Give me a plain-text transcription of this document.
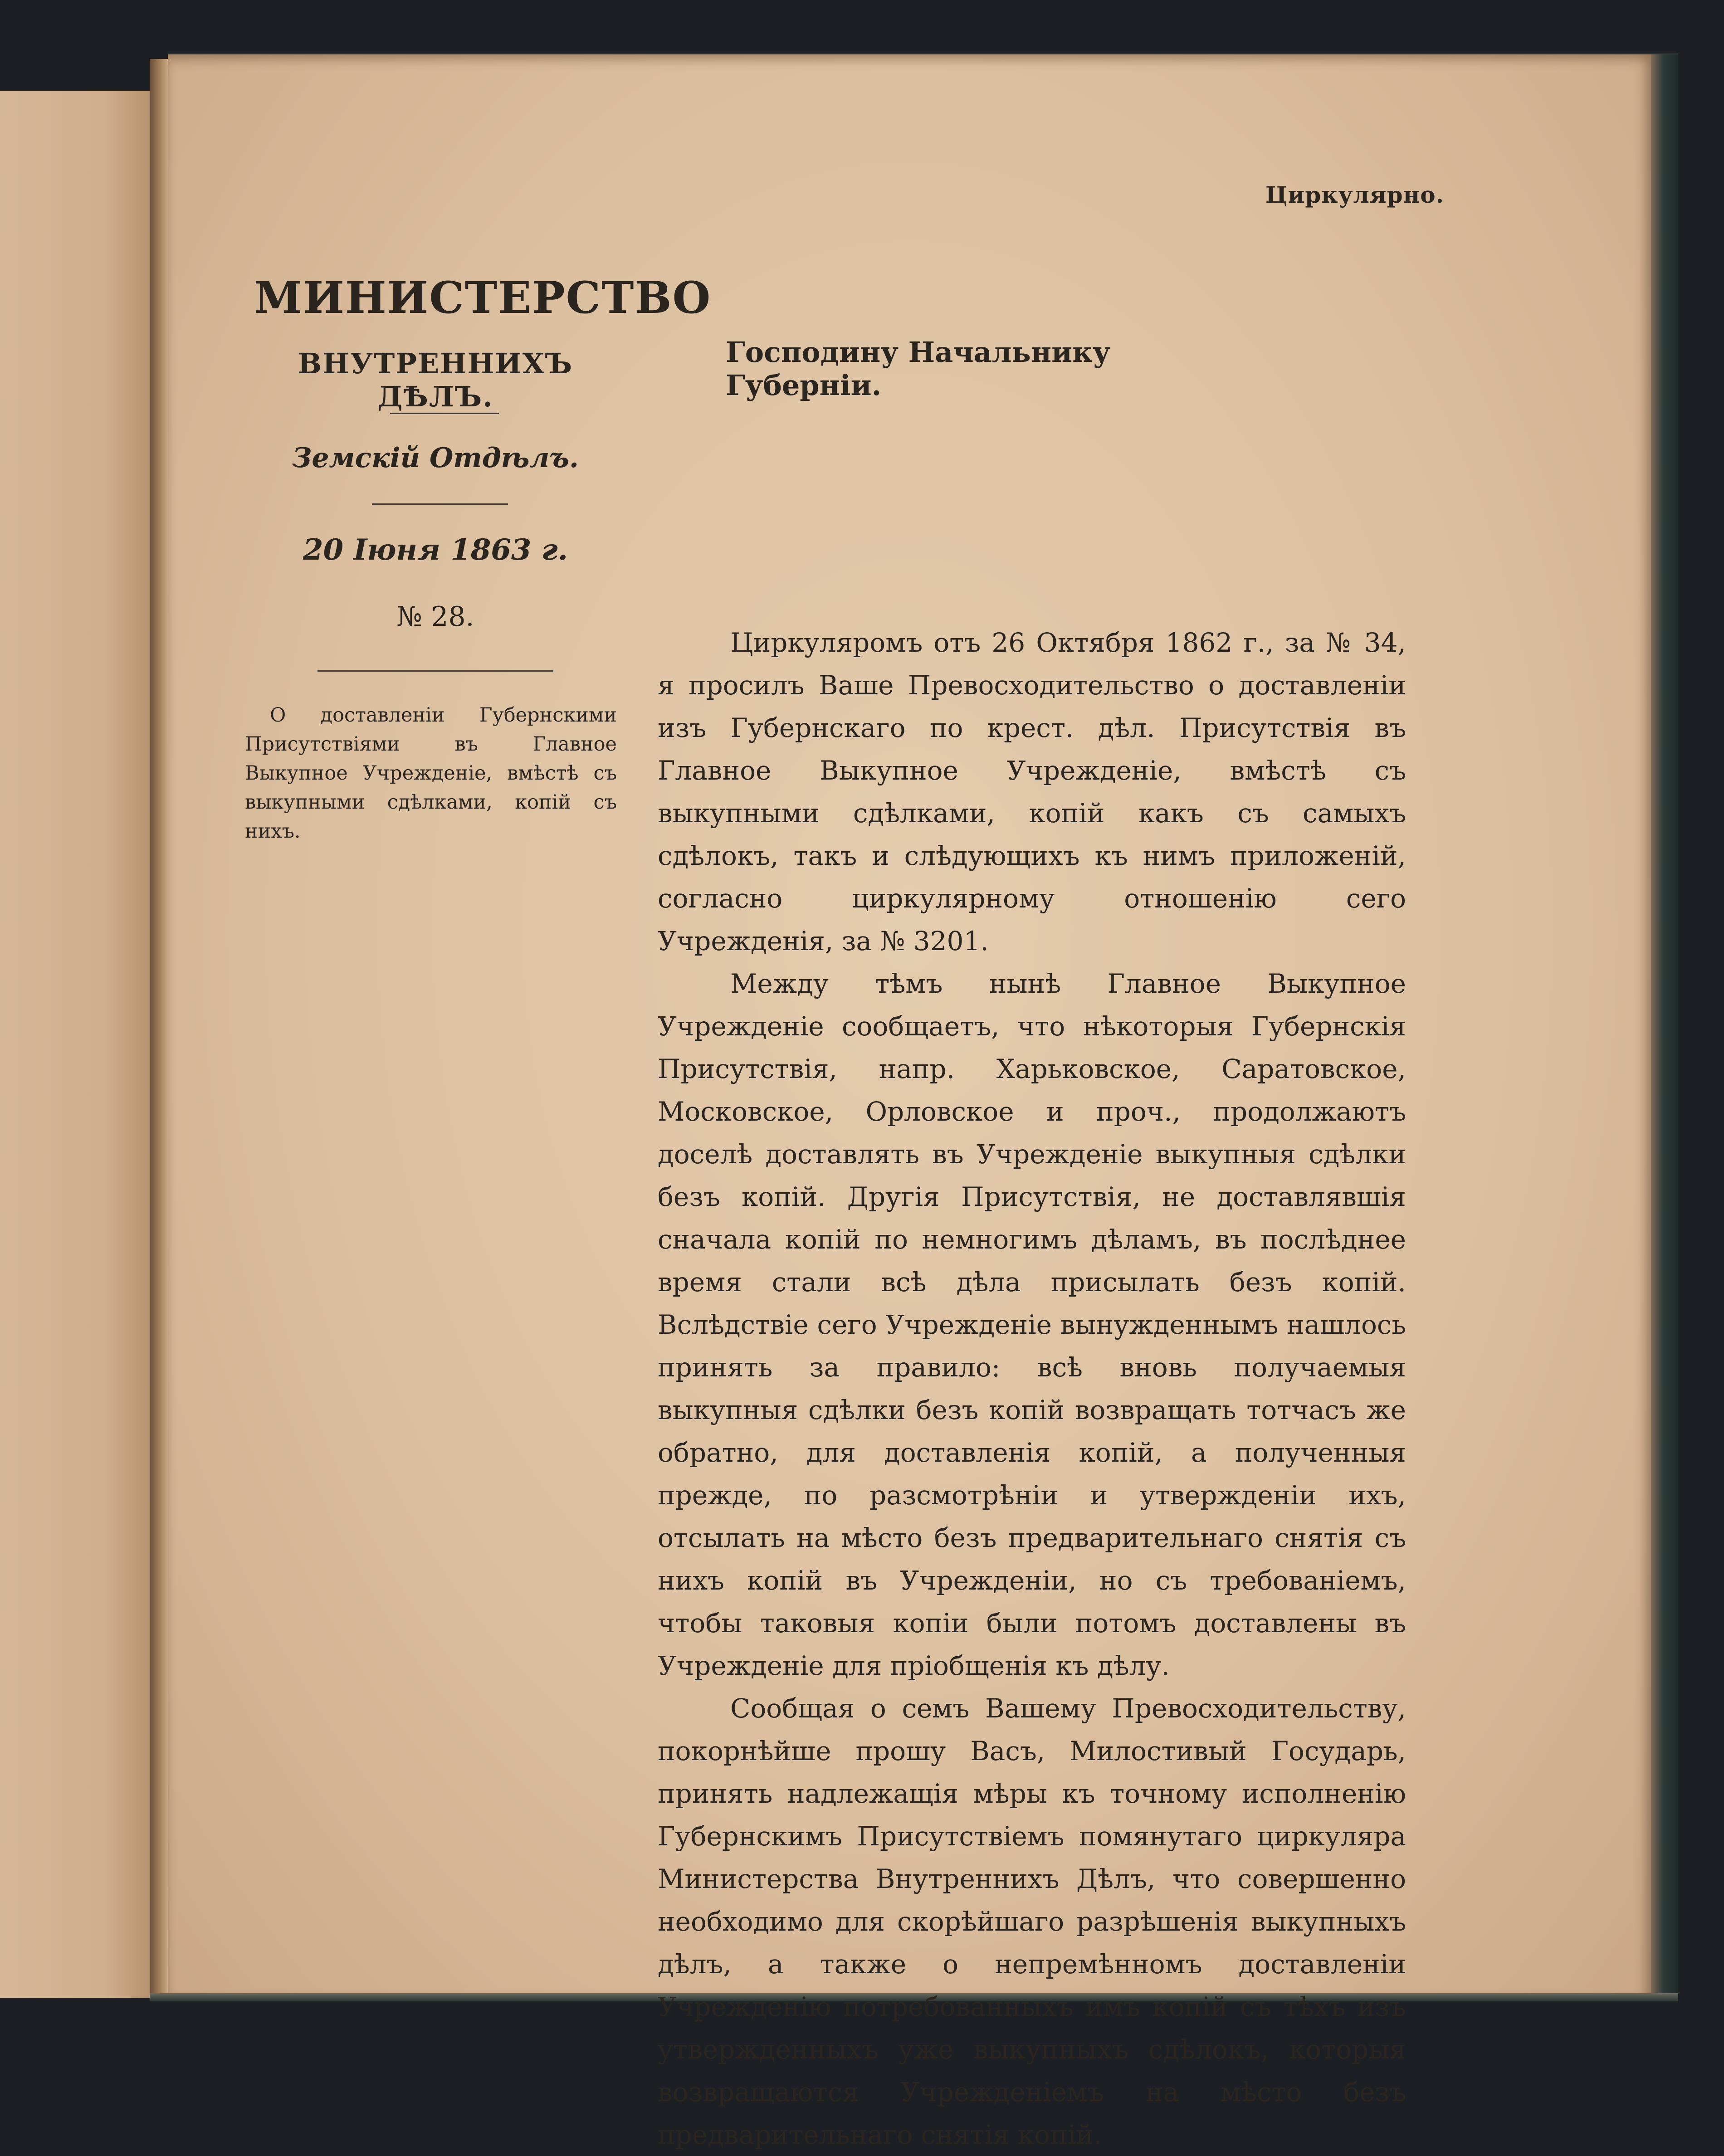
Циркулярно.
МИНИСТЕРСТВО
ВНУТРЕННИХЪ ДѢЛЪ.
Земскій Отдѣлъ.
20 Іюня 1863 г.
№ 28.
О доставленіи Губернскими Присутствіями въ Главное Выкупное Учрежденіе, вмѣстѣ съ выкупными сдѣлками, копій съ нихъ.
Господину Начальнику Губерніи.

Циркуляромъ отъ 26 Октября 1862 г., за № 34, я просилъ Ваше Превосходительство о доставленіи изъ Губернскаго по крест. дѣл. Присутствія въ Главное Выкупное Учрежденіе, вмѣстѣ съ выкупными сдѣлками, копій какъ съ самыхъ сдѣлокъ, такъ и слѣдующихъ къ нимъ приложеній, согласно циркулярному отношенію сего Учрежденія, за № 3201.

Между тѣмъ нынѣ Главное Выкупное Учрежденіе сообщаетъ, что нѣкоторыя Губернскія Присутствія, напр. Харьковское, Саратовское, Московское, Орловское и проч., продолжаютъ доселѣ доставлять въ Учрежденіе выкупныя сдѣлки безъ копій. Другія Присутствія, не доставлявшія сначала копій по немногимъ дѣламъ, въ послѣднее время стали всѣ дѣла присылать безъ копій. Вслѣдствіе сего Учрежденіе вынужденнымъ нашлось принять за правило: всѣ вновь получаемыя выкупныя сдѣлки безъ копій возвращать тотчасъ же обратно, для доставленія копій, а полученныя прежде, по разсмотрѣніи и утвержденіи ихъ, отсылать на мѣсто безъ предварительнаго снятія съ нихъ копій въ Учрежденіи, но съ требованіемъ, чтобы таковыя копіи были потомъ доставлены въ Учрежденіе для пріобщенія къ дѣлу.

Сообщая о семъ Вашему Превосходительству, покорнѣйше прошу Васъ, Милостивый Государь, принять надлежащія мѣры къ точному исполненію Губернскимъ Присутствіемъ помянутаго циркуляра Министерства Внутреннихъ Дѣлъ, что совершенно необходимо для скорѣйшаго разрѣшенія выкупныхъ дѣлъ, а также о непремѣнномъ доставленіи Учрежденію потребованныхъ имъ копій съ тѣхъ изъ утвержденныхъ уже выкупныхъ сдѣлокъ, которыя возвращаются Учрежденіемъ на мѣсто безъ предварительнаго снятія копій.
